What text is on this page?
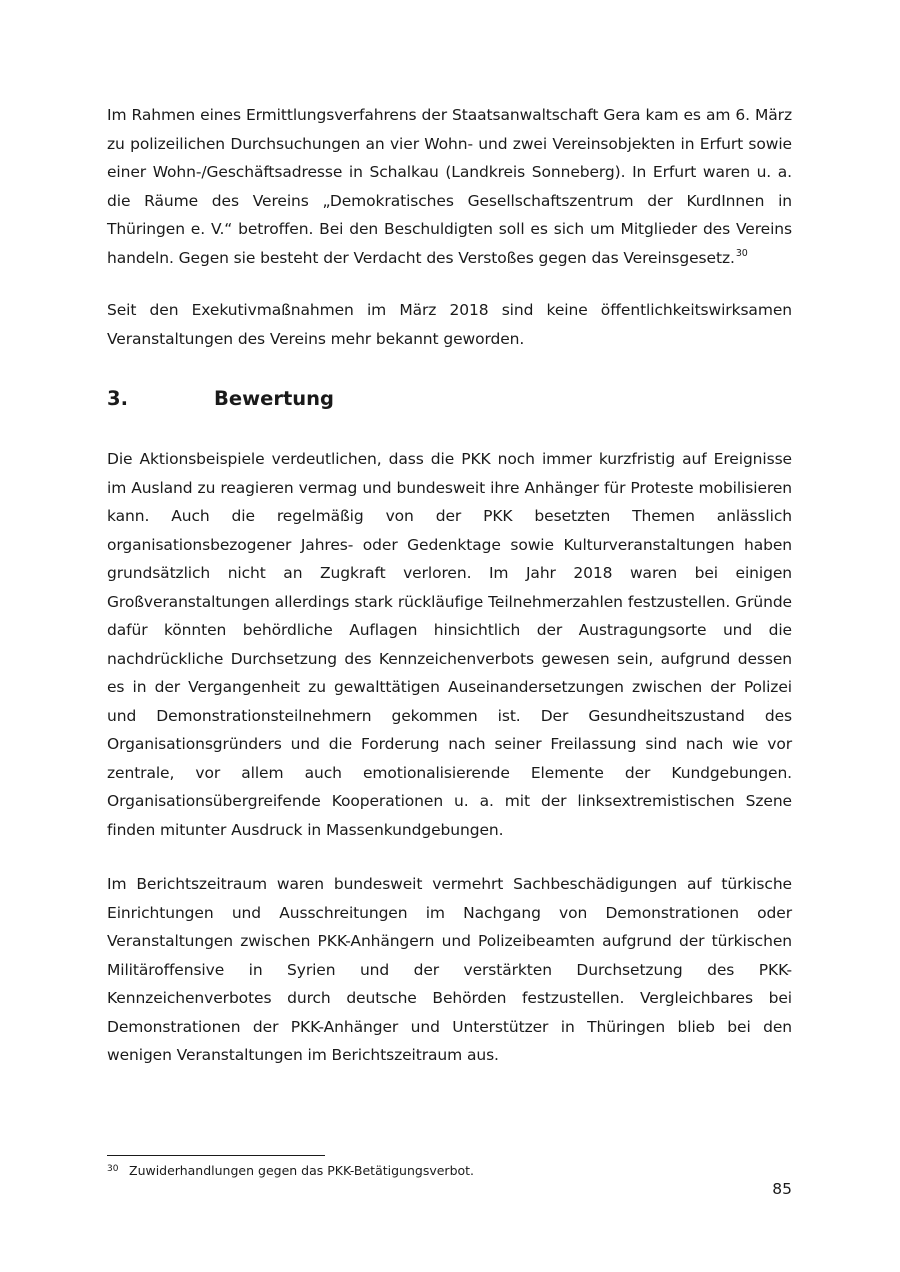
Im Rahmen eines Ermittlungsverfahrens der Staatsanwaltschaft Gera kam es am 6. März zu polizeilichen Durchsuchungen an vier Wohn- und zwei Vereinsobjekten in Erfurt sowie einer Wohn-/Geschäftsadresse in Schalkau (Landkreis Sonneberg). In Erfurt waren u. a. die Räume des Vereins „Demokratisches Gesellschaftszentrum der KurdInnen in Thüringen e. V.“ betroffen. Bei den Beschuldigten soll es sich um Mitglieder des Vereins handeln. Gegen sie besteht der Verdacht des Verstoßes gegen das Vereinsgesetz.$^{30}$

Seit den Exekutivmaßnahmen im März 2018 sind keine öffentlichkeitswirksamen Veranstaltungen des Vereins mehr bekannt geworden.

3.	Bewertung

Die Aktionsbeispiele verdeutlichen, dass die PKK noch immer kurzfristig auf Ereignisse im Ausland zu reagieren vermag und bundesweit ihre Anhänger für Proteste mobilisieren kann. Auch die regelmäßig von der PKK besetzten Themen anlässlich organisationsbezogener Jahres- oder Gedenktage sowie Kulturveranstaltungen haben grundsätzlich nicht an Zugkraft verloren. Im Jahr 2018 waren bei einigen Großveranstaltungen allerdings stark rückläufige Teilnehmerzahlen festzustellen. Gründe dafür könnten behördliche Auflagen hinsichtlich der Austragungsorte und die nachdrückliche Durchsetzung des Kennzeichenverbots gewesen sein, aufgrund dessen es in der Vergangenheit zu gewalttätigen Auseinandersetzungen zwischen der Polizei und Demonstrationsteilnehmern gekommen ist. Der Gesundheitszustand des Organisationsgründers und die Forderung nach seiner Freilassung sind nach wie vor zentrale, vor allem auch emotionalisierende Elemente der Kundgebungen. Organisationsübergreifende Kooperationen u. a. mit der linksextremistischen Szene finden mitunter Ausdruck in Massenkundgebungen.

Im Berichtszeitraum waren bundesweit vermehrt Sachbeschädigungen auf türkische Einrichtungen und Ausschreitungen im Nachgang von Demonstrationen oder Veranstaltungen zwischen PKK-Anhängern und Polizeibeamten aufgrund der türkischen Militäroffensive in Syrien und der verstärkten Durchsetzung des PKK-Kennzeichenverbotes durch deutsche Behörden festzustellen. Vergleichbares bei Demonstrationen der PKK-Anhänger und Unterstützer in Thüringen blieb bei den wenigen Veranstaltungen im Berichtszeitraum aus.

30 Zuwiderhandlungen gegen das PKK-Betätigungsverbot.
85
